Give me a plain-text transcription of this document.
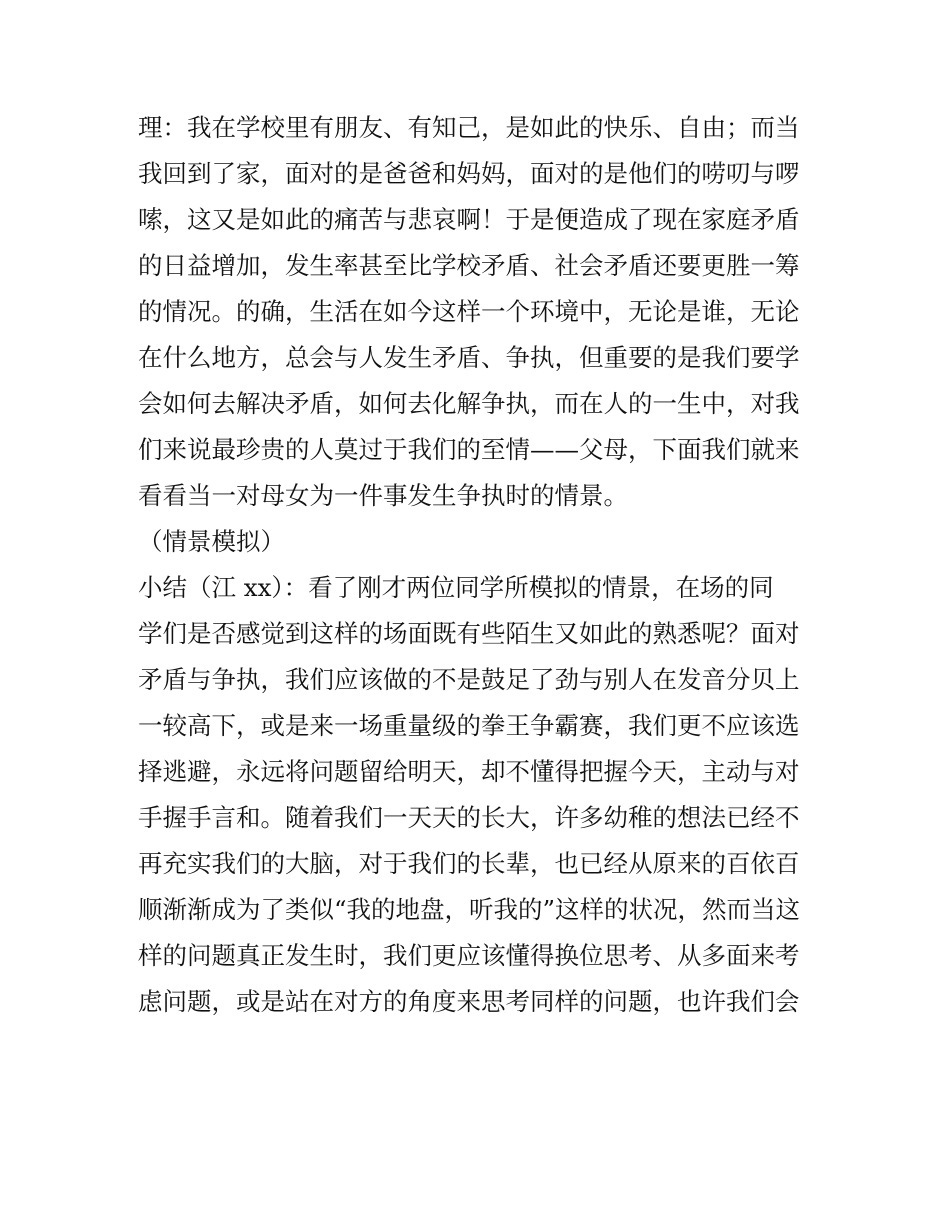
理：我在学校里有朋友、有知己，是如此的快乐、自由；而当
我回到了家，面对的是爸爸和妈妈，面对的是他们的唠叨与啰
嗦，这又是如此的痛苦与悲哀啊！于是便造成了现在家庭矛盾
的日益增加，发生率甚至比学校矛盾、社会矛盾还要更胜一筹
的情况。的确，生活在如今这样一个环境中，无论是谁，无论
在什么地方，总会与人发生矛盾、争执，但重要的是我们要学
会如何去解决矛盾，如何去化解争执，而在人的一生中，对我
们来说最珍贵的人莫过于我们的至情——父母，下面我们就来
看看当一对母女为一件事发生争执时的情景。
（情景模拟）
小结（江 xx）：看了刚才两位同学所模拟的情景，在场的同
学们是否感觉到这样的场面既有些陌生又如此的熟悉呢？面对
矛盾与争执，我们应该做的不是鼓足了劲与别人在发音分贝上
一较高下，或是来一场重量级的拳王争霸赛，我们更不应该选
择逃避，永远将问题留给明天，却不懂得把握今天，主动与对
手握手言和。随着我们一天天的长大，许多幼稚的想法已经不
再充实我们的大脑，对于我们的长辈，也已经从原来的百依百
顺渐渐成为了类似“我的地盘，听我的”这样的状况，然而当这
样的问题真正发生时，我们更应该懂得换位思考、从多面来考
虑问题，或是站在对方的角度来思考同样的问题，也许我们会
